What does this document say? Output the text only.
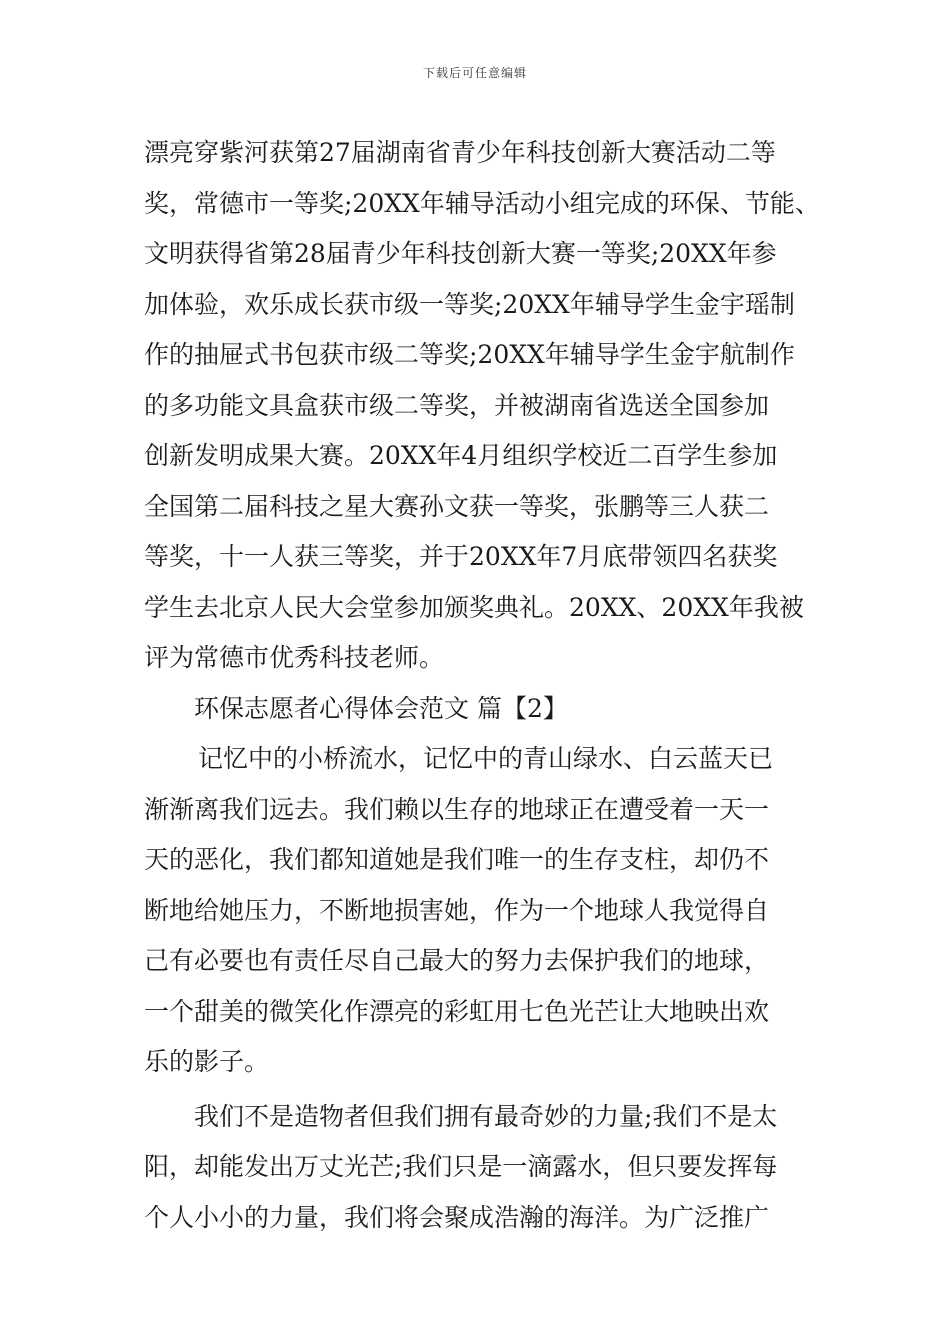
下载后可任意编辑
漂亮穿紫河获第27届湖南省青少年科技创新大赛活动二等
奖，常德市一等奖;20XX年辅导活动小组完成的环保、节能、
文明获得省第28届青少年科技创新大赛一等奖;20XX年参
加体验，欢乐成长获市级一等奖;20XX年辅导学生金宇瑶制
作的抽屉式书包获市级二等奖;20XX年辅导学生金宇航制作
的多功能文具盒获市级二等奖，并被湖南省选送全国参加
创新发明成果大赛。20XX年4月组织学校近二百学生参加
全国第二届科技之星大赛孙文获一等奖，张鹏等三人获二
等奖，十一人获三等奖，并于20XX年7月底带领四名获奖
学生去北京人民大会堂参加颁奖典礼。20XX、20XX年我被
评为常德市优秀科技老师。
环保志愿者心得体会范文 篇【2】
记忆中的小桥流水，记忆中的青山绿水、白云蓝天已
渐渐离我们远去。我们赖以生存的地球正在遭受着一天一
天的恶化，我们都知道她是我们唯一的生存支柱，却仍不
断地给她压力，不断地损害她，作为一个地球人我觉得自
己有必要也有责任尽自己最大的努力去保护我们的地球，
一个甜美的微笑化作漂亮的彩虹用七色光芒让大地映出欢
乐的影子。
我们不是造物者但我们拥有最奇妙的力量;我们不是太
阳，却能发出万丈光芒;我们只是一滴露水，但只要发挥每
个人小小的力量，我们将会聚成浩瀚的海洋。为广泛推广
